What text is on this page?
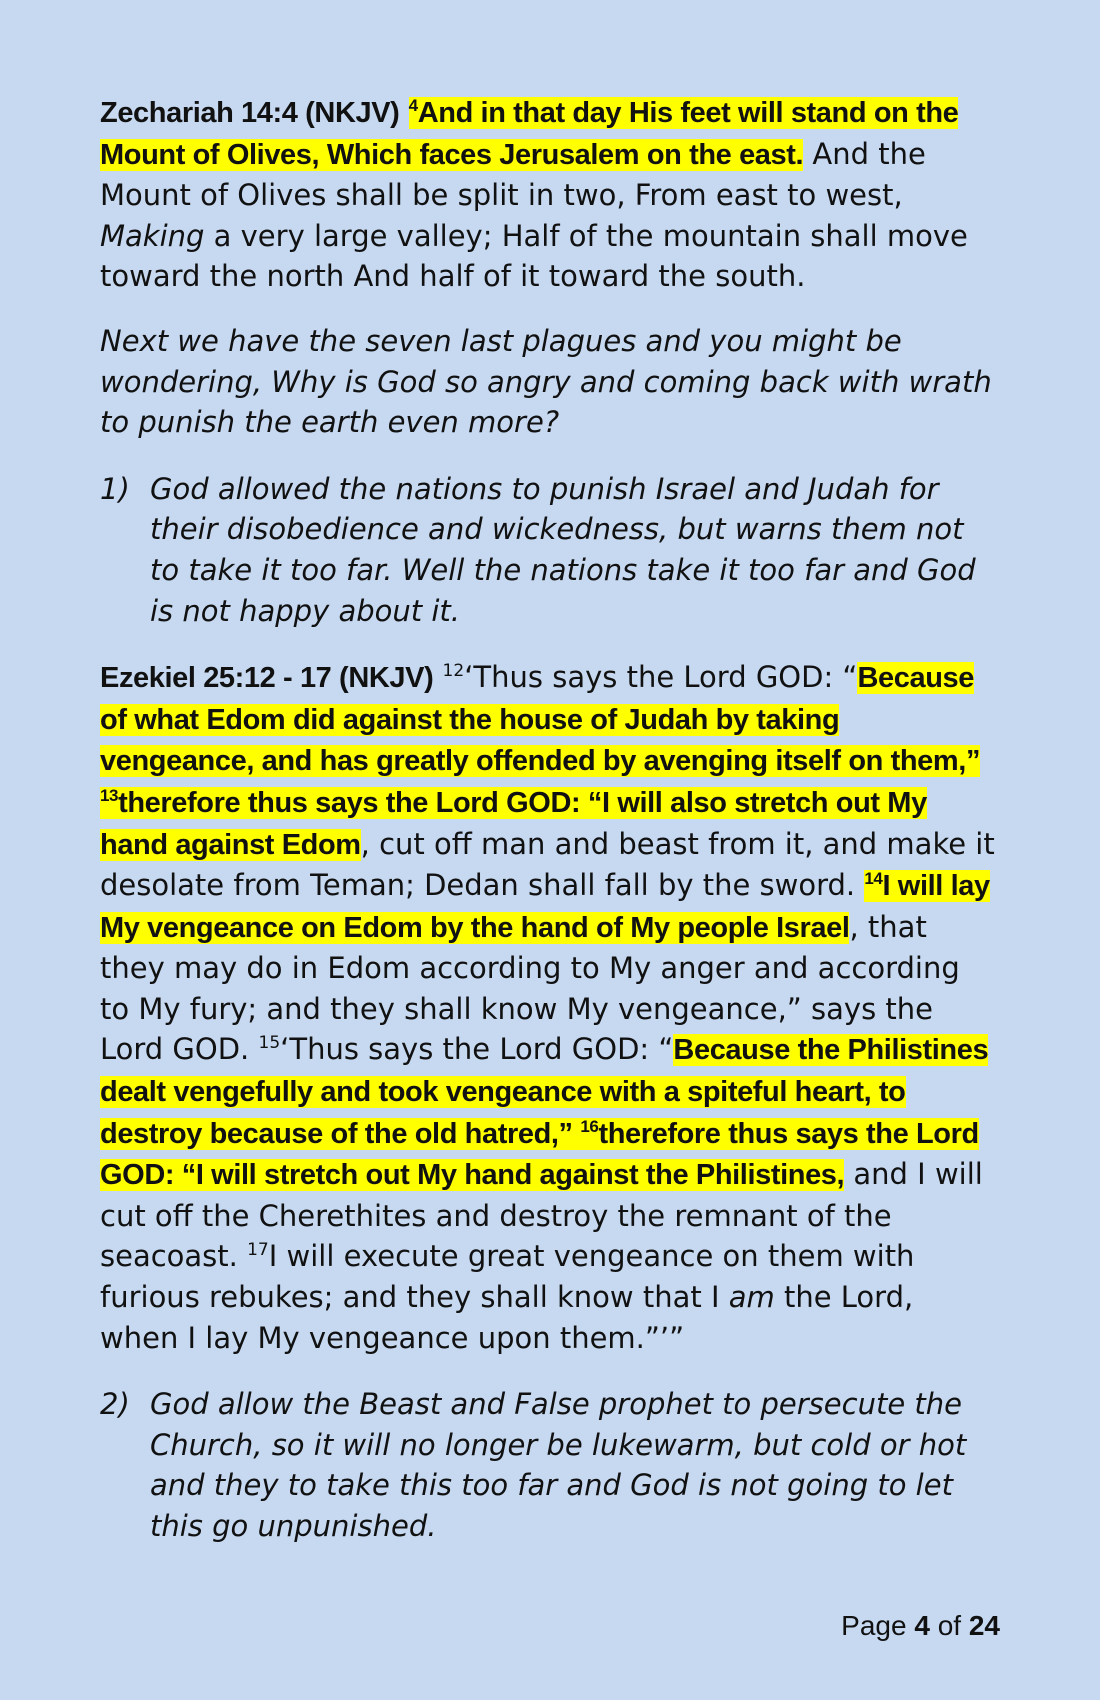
Zechariah 14:4 (NKJV) $^4$And in that day His feet will stand on the Mount of Olives, Which faces Jerusalem on the east. And the Mount of Olives shall be split in two, From east to west, Making a very large valley; Half of the mountain shall move toward the north And half of it toward the south.

Next we have the seven last plagues and you might be wondering, Why is God so angry and coming back with wrath to punish the earth even more?

1) God allowed the nations to punish Israel and Judah for their disobedience and wickedness, but warns them not to take it too far. Well the nations take it too far and God is not happy about it.

Ezekiel 25:12 - 17 (NKJV) $^{12}$‘Thus says the Lord GOD: “Because of what Edom did against the house of Judah by taking vengeance, and has greatly offended by avenging itself on them,” $^{13}$therefore thus says the Lord GOD: “I will also stretch out My hand against Edom, cut off man and beast from it, and make it desolate from Teman; Dedan shall fall by the sword. $^{14}$I will lay My vengeance on Edom by the hand of My people Israel, that they may do in Edom according to My anger and according to My fury; and they shall know My vengeance,” says the Lord GOD. $^{15}$‘Thus says the Lord GOD: “Because the Philistines dealt vengefully and took vengeance with a spiteful heart, to destroy because of the old hatred,” $^{16}$therefore thus says the Lord GOD: “I will stretch out My hand against the Philistines, and I will cut off the Cherethites and destroy the remnant of the seacoast. $^{17}$I will execute great vengeance on them with furious rebukes; and they shall know that I am the Lord, when I lay My vengeance upon them.”’”

2) God allow the Beast and False prophet to persecute the Church, so it will no longer be lukewarm, but cold or hot and they to take this too far and God is not going to let this go unpunished.

Page 4 of 24
